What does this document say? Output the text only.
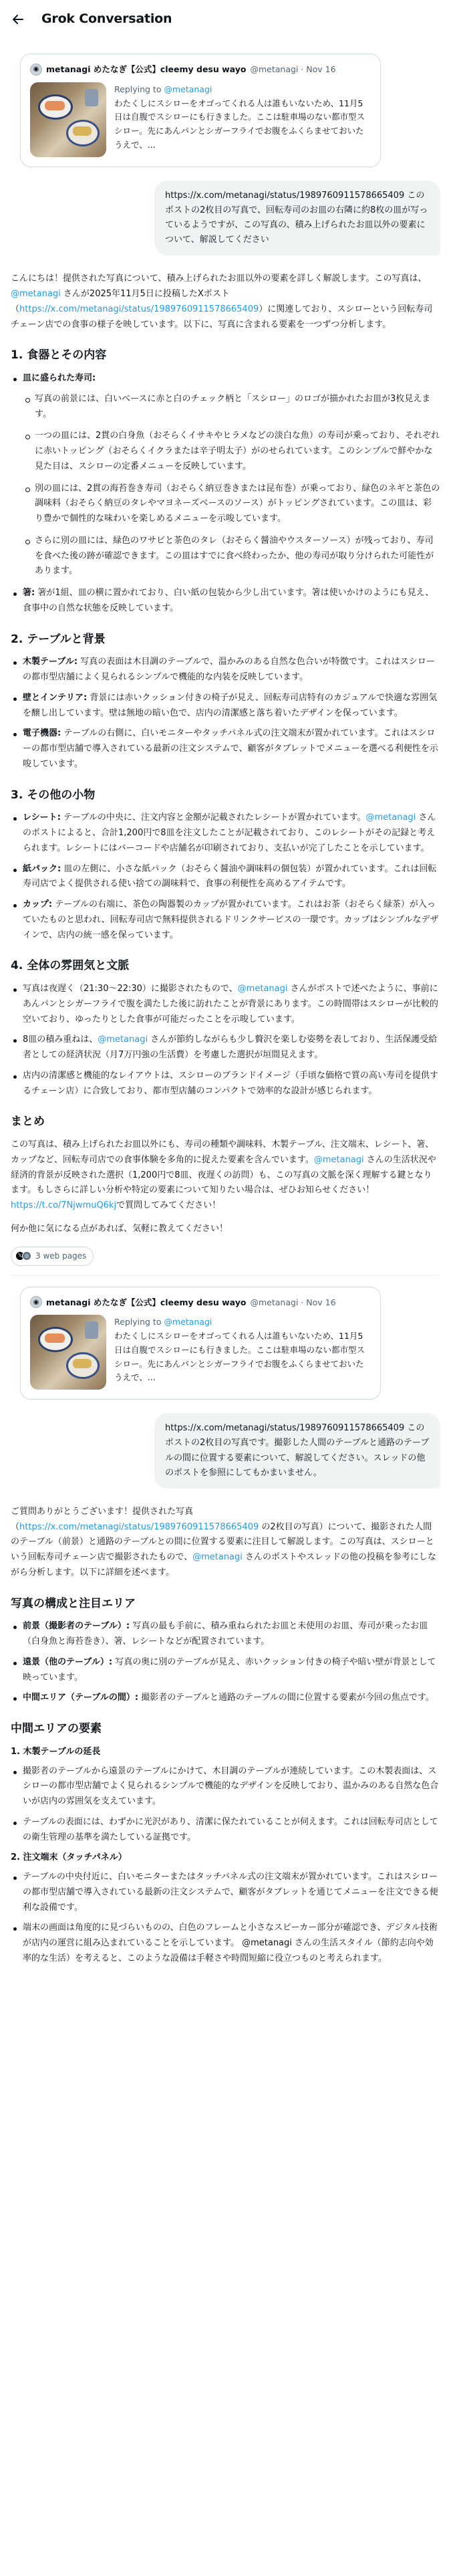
Grok Conversation
◉ metanagi めたなぎ【公式】cleemy desu wayo @metanagi · Nov 16
Replying to @metanagi
わたくしにスシローをオゴってくれる人は誰もいないため、11月5日は自腹でスシローにも行きました。ここは駐車場のない都市型スシロー。先にあんパンとシガーフライでお腹をふくらませておいたうえで、...
https://x.com/metanagi/status/1989760911578665409 このポストの2枚目の写真で、回転寿司のお皿の右隣に約8枚の皿が写っているようですが、この写真の、積み上げられたお皿以外の要素について、解説してください

こんにちは！提供された写真について、積み上げられたお皿以外の要素を詳しく解説します。この写真は、@metanagi さんが2025年11月5日に投稿したXポスト（https://x.com/metanagi/status/1989760911578665409）に関連しており、スシローという回転寿司チェーン店での食事の様子を映しています。以下に、写真に含まれる要素を一つずつ分析します。

1. 食器とその内容
皿に盛られた寿司:
写真の前景には、白いベースに赤と白のチェック柄と「スシロー」のロゴが描かれたお皿が3枚見えます。
一つの皿には、2貫の白身魚（おそらくイサキやヒラメなどの淡白な魚）の寿司が乗っており、それぞれに赤いトッピング（おそらくイクラまたは辛子明太子）がのせられています。このシンプルで鮮やかな見た目は、スシローの定番メニューを反映しています。
別の皿には、2貫の海苔巻き寿司（おそらく納豆巻きまたは昆布巻）が乗っており、緑色のネギと茶色の調味料（おそらく納豆のタレやマヨネーズベースのソース）がトッピングされています。この皿は、彩り豊かで個性的な味わいを楽しめるメニューを示唆しています。
さらに別の皿には、緑色のワサビと茶色のタレ（おそらく醤油やウスターソース）が残っており、寿司を食べた後の跡が確認できます。この皿はすでに食べ終わったか、他の寿司が取り分けられた可能性があります。
箸: 箸が1組、皿の横に置かれており、白い紙の包装から少し出ています。箸は使いかけのようにも見え、食事中の自然な状態を反映しています。
2. テーブルと背景
木製テーブル: 写真の表面は木目調のテーブルで、温かみのある自然な色合いが特徴です。これはスシローの都市型店舗によく見られるシンプルで機能的な内装を反映しています。
壁とインテリア: 背景には赤いクッション付きの椅子が見え、回転寿司店特有のカジュアルで快適な雰囲気を醸し出しています。壁は無地の暗い色で、店内の清潔感と落ち着いたデザインを保っています。
電子機器: テーブルの右側に、白いモニターやタッチパネル式の注文端末が置かれています。これはスシローの都市型店舗で導入されている最新の注文システムで、顧客がタブレットでメニューを選べる利便性を示唆しています。
3. その他の小物
レシート: テーブルの中央に、注文内容と金額が記載されたレシートが置かれています。@metanagi さんのポストによると、合計1,200円で8皿を注文したことが記載されており、このレシートがその記録と考えられます。レシートにはバーコードや店舗名が印刷されており、支払いが完了したことを示しています。
紙パック: 皿の左側に、小さな紙パック（おそらく醤油や調味料の個包装）が置かれています。これは回転寿司店でよく提供される使い捨ての調味料で、食事の利便性を高めるアイテムです。
カップ: テーブルの右端に、茶色の陶器製のカップが置かれています。これはお茶（おそらく緑茶）が入っていたものと思われ、回転寿司店で無料提供されるドリンクサービスの一環です。カップはシンプルなデザインで、店内の統一感を保っています。
4. 全体の雰囲気と文脈
写真は夜遅く（21:30〜22:30）に撮影されたもので、@metanagi さんがポストで述べたように、事前にあんパンとシガーフライで腹を満たした後に訪れたことが背景にあります。この時間帯はスシローが比較的空いており、ゆったりとした食事が可能だったことを示唆しています。
8皿の積み重ねは、@metanagi さんが節約しながらも少し贅沢を楽しむ姿勢を表しており、生活保護受給者としての経済状況（月7万円強の生活費）を考慮した選択が垣間見えます。
店内の清潔感と機能的なレイアウトは、スシローのブランドイメージ（手頃な価格で質の高い寿司を提供するチェーン店）に合致しており、都市型店舗のコンパクトで効率的な設計が感じられます。
まとめ

この写真は、積み上げられたお皿以外にも、寿司の種類や調味料、木製テーブル、注文端末、レシート、箸、カップなど、回転寿司店での食事体験を多角的に捉えた要素を含んでいます。@metanagi さんの生活状況や経済的背景が反映された選択（1,200円で8皿、夜遅くの訪問）も、この写真の文脈を深く理解する鍵となります。もしさらに詳しい分析や特定の要素について知りたい場合は、ぜひお知らせください！https://t.co/7NjwmuQ6kjで質問してみてください！

何か他に気になる点があれば、気軽に教えてください！

𝕏 ◎ 3 web pages
◉ metanagi めたなぎ【公式】cleemy desu wayo @metanagi · Nov 16
Replying to @metanagi
わたくしにスシローをオゴってくれる人は誰もいないため、11月5日は自腹でスシローにも行きました。ここは駐車場のない都市型スシロー。先にあんパンとシガーフライでお腹をふくらませておいたうえで、...
https://x.com/metanagi/status/1989760911578665409 このポストの2枚目の写真です。撮影した人間のテーブルと通路のテーブルの間に位置する要素について、解説してください。スレッドの他のポストを参照にしてもかまいません。

ご質問ありがとうございます！提供された写真（https://x.com/metanagi/status/1989760911578665409 の2枚目の写真）について、撮影された人間のテーブル（前景）と通路のテーブルとの間に位置する要素に注目して解説します。この写真は、スシローという回転寿司チェーン店で撮影されたもので、@metanagi さんのポストやスレッドの他の投稿を参考にしながら分析します。以下に詳細を述べます。

写真の構成と注目エリア
前景（撮影者のテーブル）: 写真の最も手前に、積み重ねられたお皿と未使用のお皿、寿司が乗ったお皿（白身魚と海苔巻き）、箸、レシートなどが配置されています。
遠景（他のテーブル）: 写真の奥に別のテーブルが見え、赤いクッション付きの椅子や暗い壁が背景として映っています。
中間エリア（テーブルの間）: 撮影者のテーブルと通路のテーブルの間に位置する要素が今回の焦点です。
中間エリアの要素
1. 木製テーブルの延長
撮影者のテーブルから遠景のテーブルにかけて、木目調のテーブルが連続しています。この木製表面は、スシローの都市型店舗でよく見られるシンプルで機能的なデザインを反映しており、温かみのある自然な色合いが店内の雰囲気を支えています。
テーブルの表面には、わずかに光沢があり、清潔に保たれていることが伺えます。これは回転寿司店としての衛生管理の基準を満たしている証拠です。
2. 注文端末（タッチパネル）
テーブルの中央付近に、白いモニターまたはタッチパネル式の注文端末が置かれています。これはスシローの都市型店舗で導入されている最新の注文システムで、顧客がタブレットを通じてメニューを注文できる便利な設備です。
端末の画面は角度的に見づらいものの、白色のフレームと小さなスピーカー部分が確認でき、デジタル技術が店内の運営に組み込まれていることを示しています。 @metanagi さんの生活スタイル（節約志向や効率的な生活）を考えると、このような設備は手軽さや時間短縮に役立つものと考えられます。
